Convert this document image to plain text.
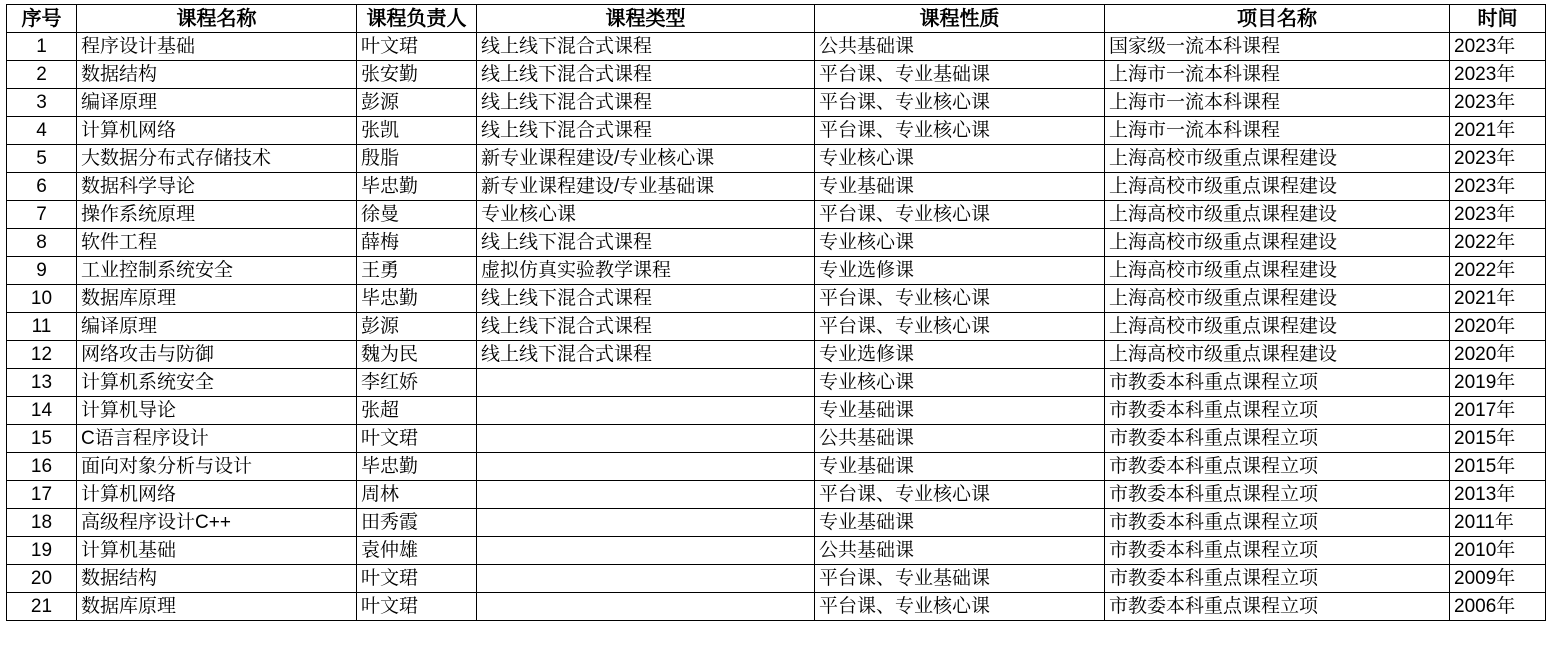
序号	课程名称	课程负责人	课程类型	课程性质	项目名称	时间
1	程序设计基础	叶文珺	线上线下混合式课程	公共基础课	国家级一流本科课程	2023年
2	数据结构	张安勤	线上线下混合式课程	平台课、专业基础课	上海市一流本科课程	2023年
3	编译原理	彭源	线上线下混合式课程	平台课、专业核心课	上海市一流本科课程	2023年
4	计算机网络	张凯	线上线下混合式课程	平台课、专业核心课	上海市一流本科课程	2021年
5	大数据分布式存储技术	殷脂	新专业课程建设/专业核心课	专业核心课	上海高校市级重点课程建设	2023年
6	数据科学导论	毕忠勤	新专业课程建设/专业基础课	专业基础课	上海高校市级重点课程建设	2023年
7	操作系统原理	徐曼	专业核心课	平台课、专业核心课	上海高校市级重点课程建设	2023年
8	软件工程	薛梅	线上线下混合式课程	专业核心课	上海高校市级重点课程建设	2022年
9	工业控制系统安全	王勇	虚拟仿真实验教学课程	专业选修课	上海高校市级重点课程建设	2022年
10	数据库原理	毕忠勤	线上线下混合式课程	平台课、专业核心课	上海高校市级重点课程建设	2021年
11	编译原理	彭源	线上线下混合式课程	平台课、专业核心课	上海高校市级重点课程建设	2020年
12	网络攻击与防御	魏为民	线上线下混合式课程	专业选修课	上海高校市级重点课程建设	2020年
13	计算机系统安全	李红娇		专业核心课	市教委本科重点课程立项	2019年
14	计算机导论	张超		专业基础课	市教委本科重点课程立项	2017年
15	C语言程序设计	叶文珺		公共基础课	市教委本科重点课程立项	2015年
16	面向对象分析与设计	毕忠勤		专业基础课	市教委本科重点课程立项	2015年
17	计算机网络	周林		平台课、专业核心课	市教委本科重点课程立项	2013年
18	高级程序设计C++	田秀霞		专业基础课	市教委本科重点课程立项	2011年
19	计算机基础	袁仲雄		公共基础课	市教委本科重点课程立项	2010年
20	数据结构	叶文珺		平台课、专业基础课	市教委本科重点课程立项	2009年
21	数据库原理	叶文珺		平台课、专业核心课	市教委本科重点课程立项	2006年
